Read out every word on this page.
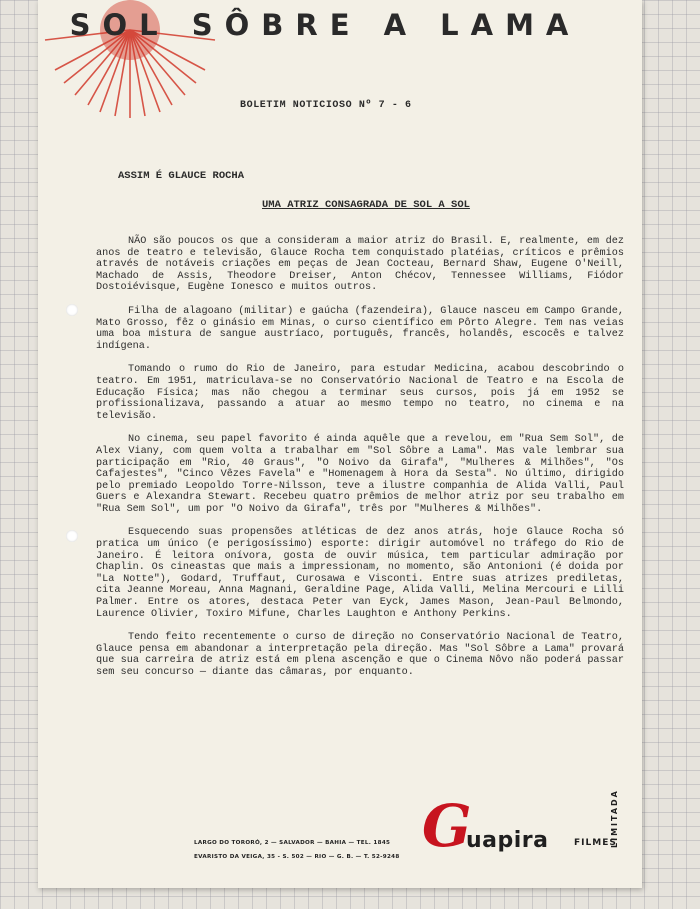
SOL SÔBRE A LAMA
BOLETIM NOTICIOSO Nº 7 - 6
ASSIM É GLAUCE ROCHA
UMA ATRIZ CONSAGRADA DE SOL A SOL

NÃO são poucos os que a consideram a maior atriz do Brasil. E, realmente, em dez anos de teatro e televisão, Glauce Rocha tem conquistado platéias, críticos e prêmios através de notáveis criações em peças de Jean Cocteau, Bernard Shaw, Eugene O'Neill, Machado de Assis, Theodore Dreiser, Anton Chécov, Tennessee Williams, Fiódor Dostoiévisque, Eugène Ionesco e muitos outros.

Filha de alagoano (militar) e gaúcha (fazendeira), Glauce nasceu em Campo Grande, Mato Grosso, fêz o ginásio em Minas, o curso científico em Pôrto Alegre. Tem nas veias uma boa mistura de sangue austríaco, português, francês, holandês, escocês e talvez indígena.

Tomando o rumo do Rio de Janeiro, para estudar Medicina, acabou descobrindo o teatro. Em 1951, matriculava-se no Conservatório Nacional de Teatro e na Escola de Educação Física; mas não chegou a terminar seus cursos, pois já em 1952 se profissionalizava, passando a atuar ao mesmo tempo no teatro, no cinema e na televisão.

No cinema, seu papel favorito é ainda aquêle que a revelou, em "Rua Sem Sol", de Alex Viany, com quem volta a trabalhar em "Sol Sôbre a Lama". Mas vale lembrar sua participação em "Rio, 40 Graus", "O Noivo da Girafa", "Mulheres & Milhões", "Os Cafajestes", "Cinco Vêzes Favela" e "Homenagem à Hora da Sesta". No último, dirigido pelo premiado Leopoldo Torre-Nilsson, teve a ilustre companhia de Alida Valli, Paul Guers e Alexandra Stewart. Recebeu quatro prêmios de melhor atriz por seu trabalho em "Rua Sem Sol", um por "O Noivo da Girafa", três por "Mulheres & Milhões".

Esquecendo suas propensões atléticas de dez anos atrás, hoje Glauce Rocha só pratica um único (e perigosíssimo) esporte: dirigir automóvel no tráfego do Rio de Janeiro. É leitora onívora, gosta de ouvir música, tem particular admiração por Chaplin. Os cineastas que mais a impressionam, no momento, são Antonioni (é doida por "La Notte"), Godard, Truffaut, Curosawa e Visconti. Entre suas atrizes prediletas, cita Jeanne Moreau, Anna Magnani, Geraldine Page, Alida Valli, Melina Mercouri e Lilli Palmer. Entre os atores, destaca Peter van Eyck, James Mason, Jean-Paul Belmondo, Laurence Olivier, Toxiro Mifune, Charles Laughton e Anthony Perkins.

Tendo feito recentemente o curso de direção no Conservatório Nacional de Teatro, Glauce pensa em abandonar a interpretação pela direção. Mas "Sol Sôbre a Lama" provará que sua carreira de atriz está em plena ascenção e que o Cinema Nôvo não poderá passar sem seu concurso — diante das câmaras, por enquanto.

LARGO DO TORORÓ, 2 — SALVADOR — BAHIA — TEL. 1845
EVARISTO DA VEIGA, 35 - S. 502 — RIO — G. B. — T. 52-9248 G
uapira	FILMES
LIMITADA
